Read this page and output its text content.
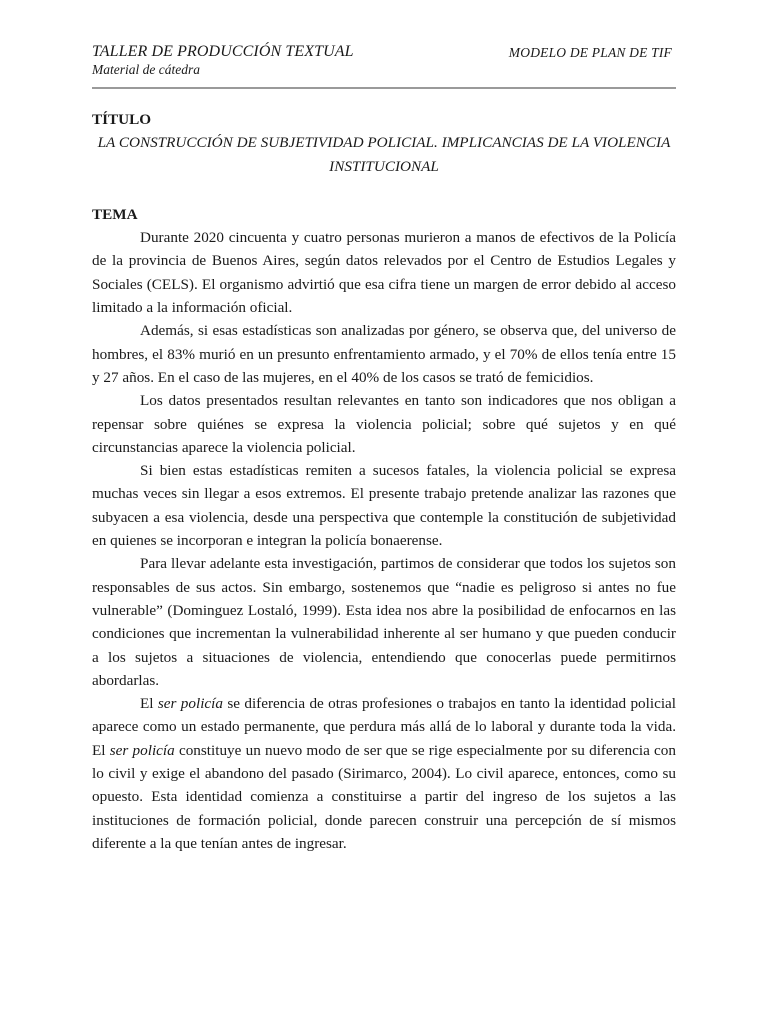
TALLER DE PRODUCCIÓN TEXTUAL
Material de cátedra
MODELO DE PLAN DE TIF
TÍTULO
LA CONSTRUCCIÓN DE SUBJETIVIDAD POLICIAL. IMPLICANCIAS DE LA VIOLENCIA INSTITUCIONAL
TEMA

Durante 2020 cincuenta y cuatro personas murieron a manos de efectivos de la Policía de la provincia de Buenos Aires, según datos relevados por el Centro de Estudios Legales y Sociales (CELS). El organismo advirtió que esa cifra tiene un margen de error debido al acceso limitado a la información oficial.

Además, si esas estadísticas son analizadas por género, se observa que, del universo de hombres, el 83% murió en un presunto enfrentamiento armado, y el 70% de ellos tenía entre 15 y 27 años. En el caso de las mujeres, en el 40% de los casos se trató de femicidios.

Los datos presentados resultan relevantes en tanto son indicadores que nos obligan a repensar sobre quiénes se expresa la violencia policial; sobre qué sujetos y en qué circunstancias aparece la violencia policial.

Si bien estas estadísticas remiten a sucesos fatales, la violencia policial se expresa muchas veces sin llegar a esos extremos. El presente trabajo pretende analizar las razones que subyacen a esa violencia, desde una perspectiva que contemple la constitución de subjetividad en quienes se incorporan e integran la policía bonaerense.

Para llevar adelante esta investigación, partimos de considerar que todos los sujetos son responsables de sus actos. Sin embargo, sostenemos que “nadie es peligroso si antes no fue vulnerable” (Dominguez Lostaló, 1999). Esta idea nos abre la posibilidad de enfocarnos en las condiciones que incrementan la vulnerabilidad inherente al ser humano y que pueden conducir a los sujetos a situaciones de violencia, entendiendo que conocerlas puede permitirnos abordarlas.

El ser policía se diferencia de otras profesiones o trabajos en tanto la identidad policial aparece como un estado permanente, que perdura más allá de lo laboral y durante toda la vida. El ser policía constituye un nuevo modo de ser que se rige especialmente por su diferencia con lo civil y exige el abandono del pasado (Sirimarco, 2004). Lo civil aparece, entonces, como su opuesto. Esta identidad comienza a constituirse a partir del ingreso de los sujetos a las instituciones de formación policial, donde parecen construir una percepción de sí mismos diferente a la que tenían antes de ingresar.
